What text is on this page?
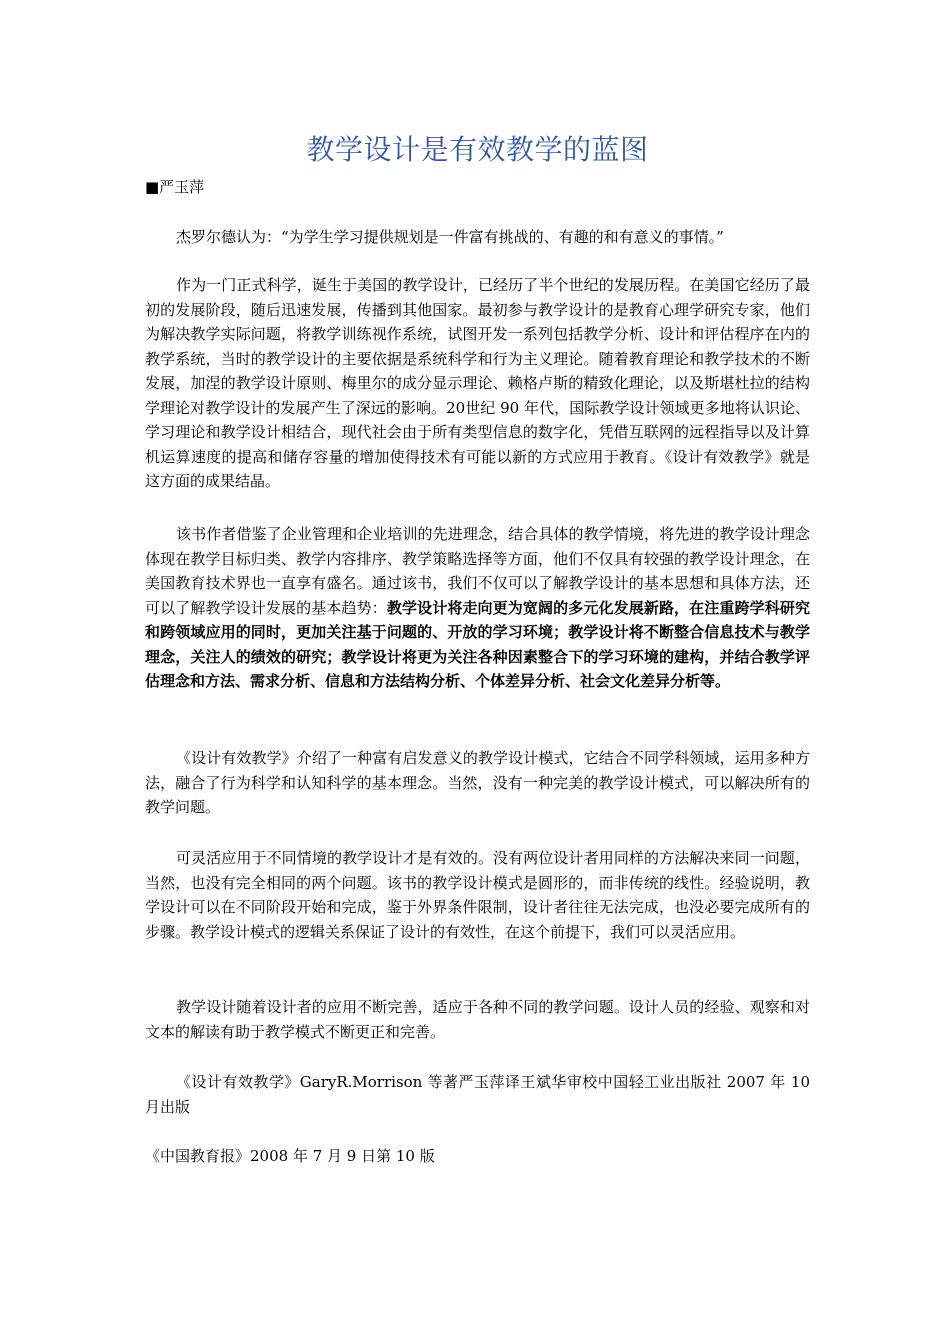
教学设计是有效教学的蓝图
■严玉萍

杰罗尔德认为：“为学生学习提供规划是一件富有挑战的、有趣的和有意义的事情。”

作为一门正式科学，诞生于美国的教学设计，已经历了半个世纪的发展历程。在美国它经历了最初的发展阶段，随后迅速发展，传播到其他国家。最初参与教学设计的是教育心理学研究专家，他们为解决教学实际问题，将教学训练视作系统，试图开发一系列包括教学分析、设计和评估程序在内的教学系统，当时的教学设计的主要依据是系统科学和行为主义理论。随着教育理论和教学技术的不断发展，加涅的教学设计原则、梅里尔的成分显示理论、赖格卢斯的精致化理论，以及斯堪杜拉的结构学理论对教学设计的发展产生了深远的影响。20世纪 90 年代，国际教学设计领域更多地将认识论、学习理论和教学设计相结合，现代社会由于所有类型信息的数字化，凭借互联网的远程指导以及计算机运算速度的提高和储存容量的增加使得技术有可能以新的方式应用于教育。《设计有效教学》就是这方面的成果结晶。

该书作者借鉴了企业管理和企业培训的先进理念，结合具体的教学情境，将先进的教学设计理念体现在教学目标归类、教学内容排序、教学策略选择等方面，他们不仅具有较强的教学设计理念，在美国教育技术界也一直享有盛名。通过该书，我们不仅可以了解教学设计的基本思想和具体方法，还可以了解教学设计发展的基本趋势：教学设计将走向更为宽阔的多元化发展新路，在注重跨学科研究和跨领域应用的同时，更加关注基于问题的、开放的学习环境；教学设计将不断整合信息技术与教学理念，关注人的绩效的研究；教学设计将更为关注各种因素整合下的学习环境的建构，并结合教学评估理念和方法、需求分析、信息和方法结构分析、个体差异分析、社会文化差异分析等。

《设计有效教学》介绍了一种富有启发意义的教学设计模式，它结合不同学科领域，运用多种方法，融合了行为科学和认知科学的基本理念。当然，没有一种完美的教学设计模式，可以解决所有的教学问题。

可灵活应用于不同情境的教学设计才是有效的。没有两位设计者用同样的方法解决来同一问题，当然，也没有完全相同的两个问题。该书的教学设计模式是圆形的，而非传统的线性。经验说明，教学设计可以在不同阶段开始和完成，鉴于外界条件限制，设计者往往无法完成，也没必要完成所有的步骤。教学设计模式的逻辑关系保证了设计的有效性，在这个前提下，我们可以灵活应用。

教学设计随着设计者的应用不断完善，适应于各种不同的教学问题。设计人员的经验、观察和对文本的解读有助于教学模式不断更正和完善。

《设计有效教学》GaryR.Morrison 等著严玉萍译王斌华审校中国轻工业出版社 2007 年 10 月出版

《中国教育报》2008 年 7 月 9 日第 10 版
